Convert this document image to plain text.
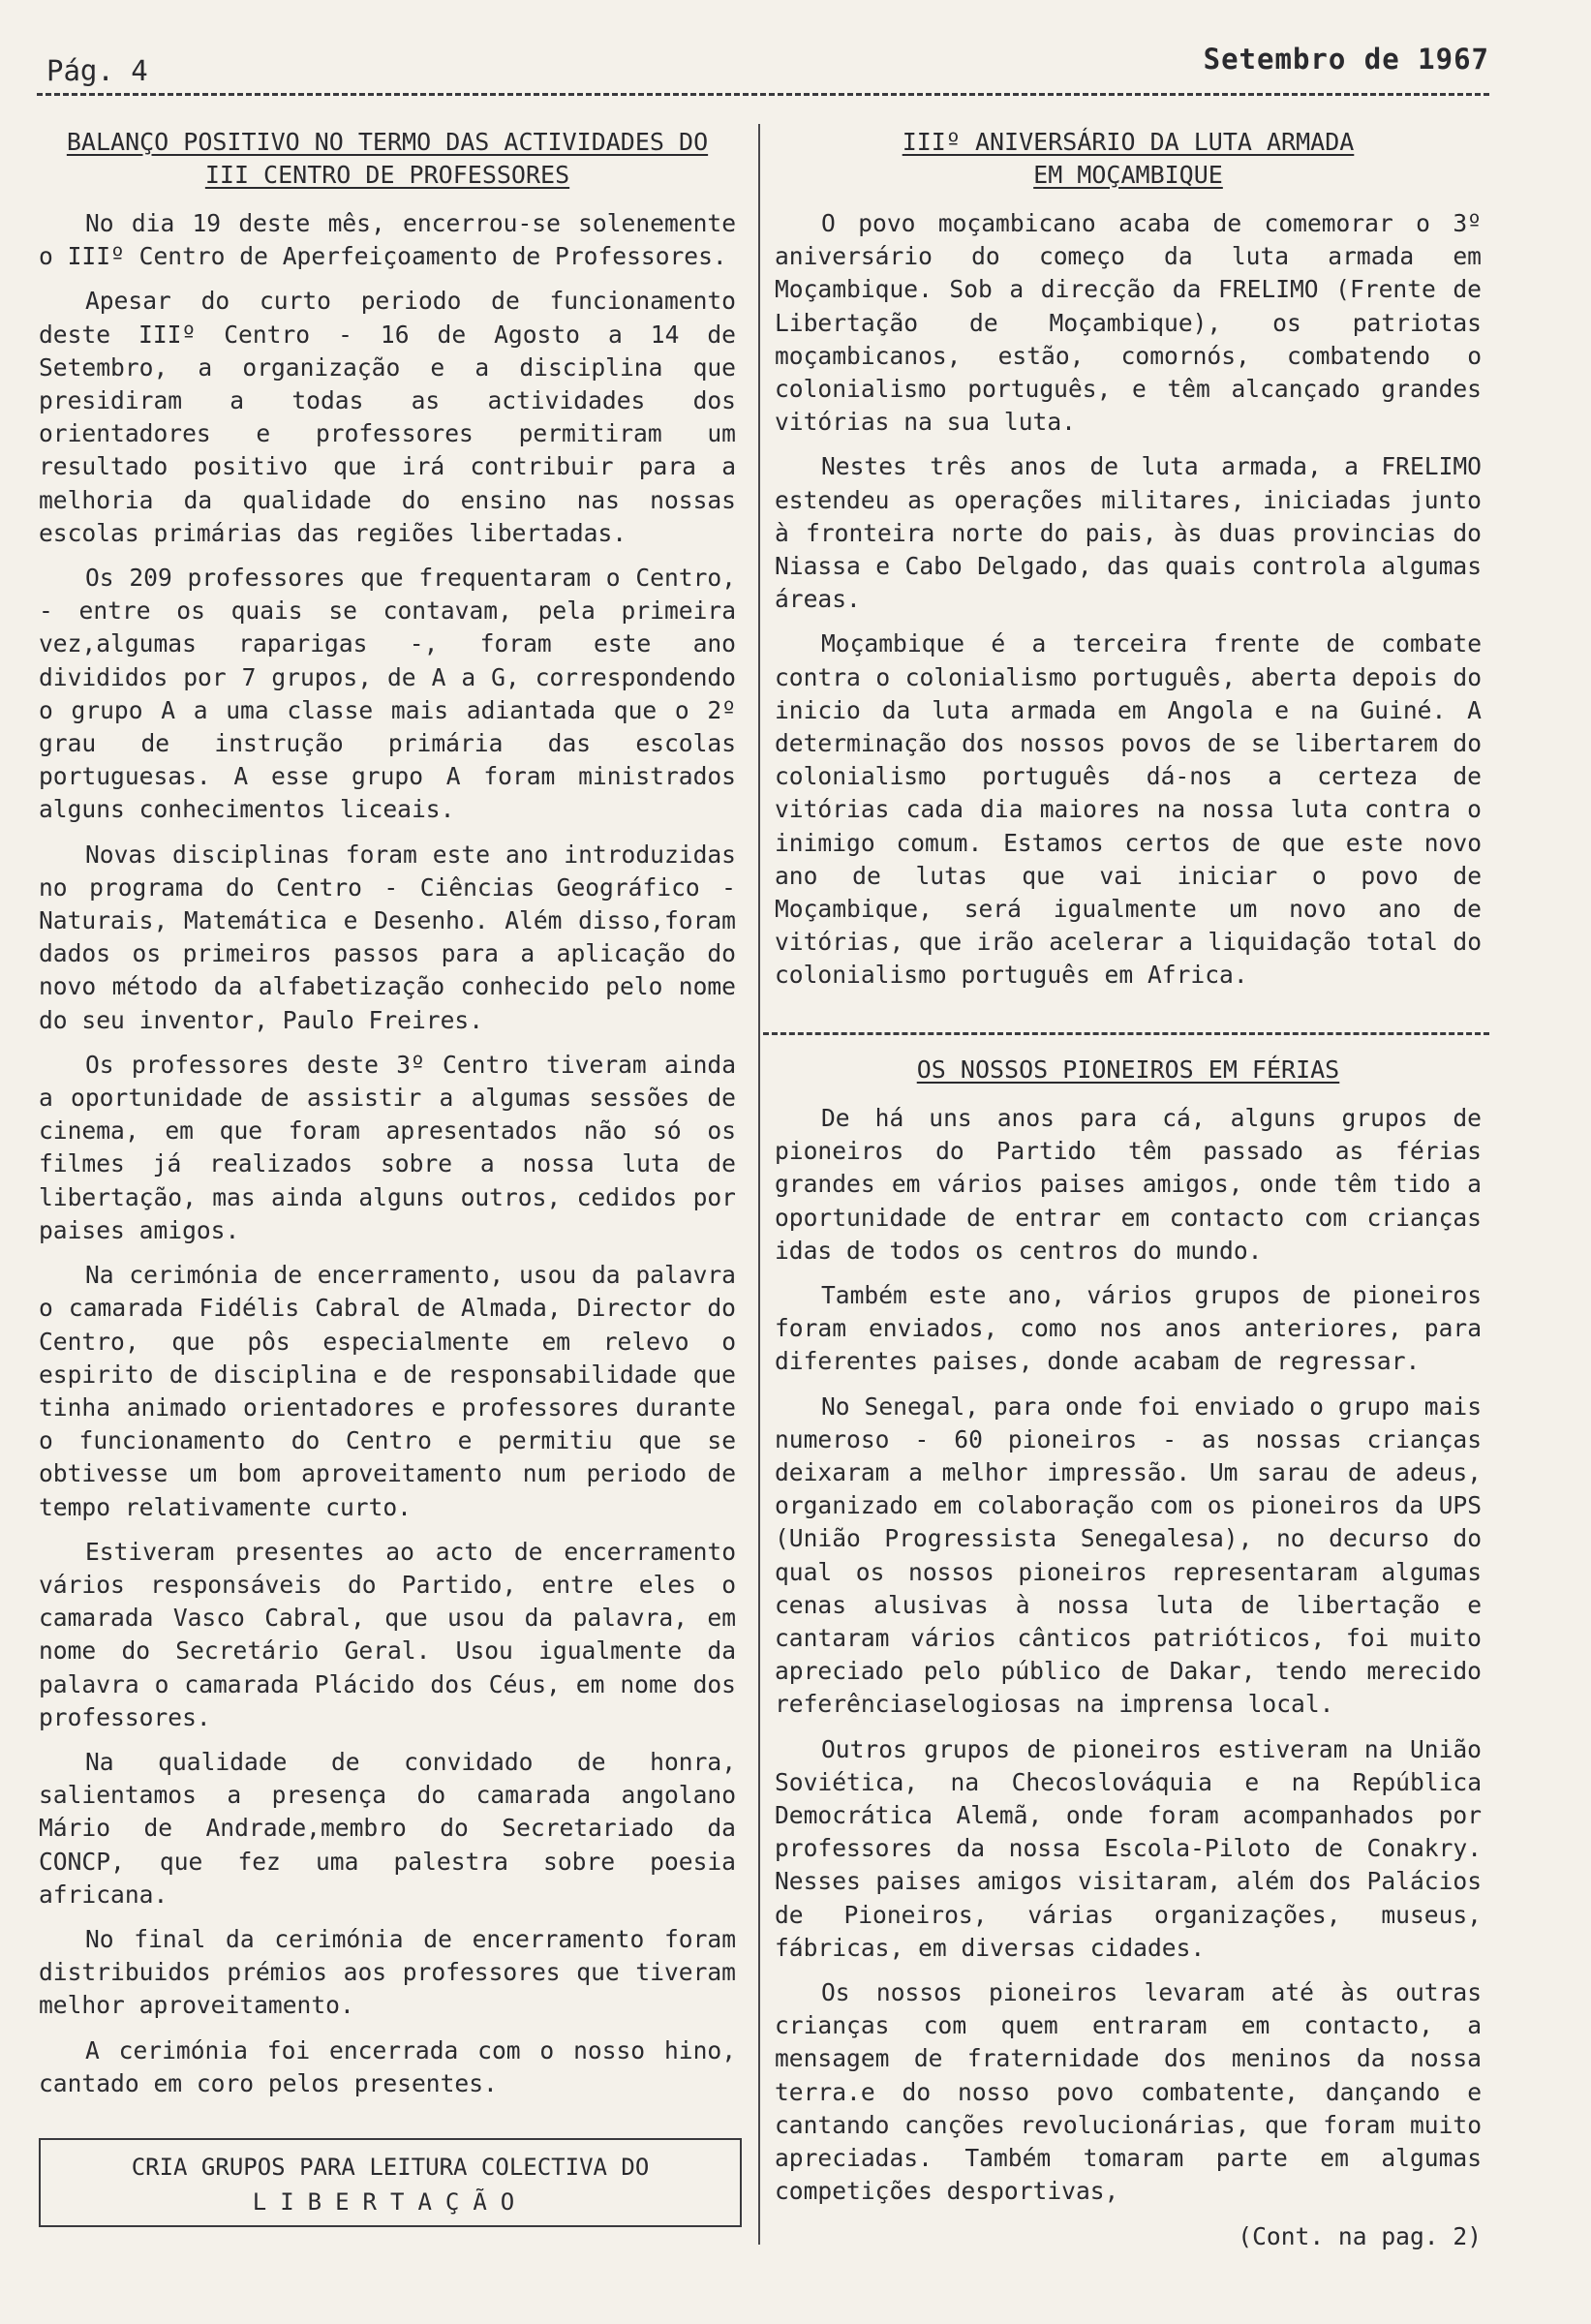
Pág. 4	Setembro de 1967
BALANÇO POSITIVO NO TERMO DAS ACTIVIDADES DO
III CENTRO DE PROFESSORES

No dia 19 deste mês, encerrou-se solenemente o IIIº Centro de Aperfeiçoamento de Professores.

Apesar do curto periodo de funcionamento deste IIIº Centro - 16 de Agosto a 14 de Setembro, a organização e a disciplina que presidiram a todas as actividades dos orientadores e professores permitiram um resultado positivo que irá contribuir para a melhoria da qualidade do ensino nas nossas escolas primárias das regiões libertadas.

Os 209 professores que frequentaram o Centro, - entre os quais se contavam, pela primeira vez,algumas raparigas -, foram este ano divididos por 7 grupos, de A a G, correspondendo o grupo A a uma classe mais adiantada que o 2º grau de instrução primária das escolas portuguesas. A esse grupo A foram ministrados alguns conhecimentos liceais.

Novas disciplinas foram este ano introduzidas no programa do Centro - Ciências Geográfico - Naturais, Matemática e Desenho. Além disso,foram dados os primeiros passos para a aplicação do novo método da alfabetização conhecido pelo nome do seu inventor, Paulo Freires.

Os professores deste 3º Centro tiveram ainda a oportunidade de assistir a algumas sessões de cinema, em que foram apresentados não só os filmes já realizados sobre a nossa luta de libertação, mas ainda alguns outros, cedidos por paises amigos.

Na cerimónia de encerramento, usou da palavra o camarada Fidélis Cabral de Almada, Director do Centro, que pôs especialmente em relevo o espirito de disciplina e de responsabilidade que tinha animado orientadores e professores durante o funcionamento do Centro e permitiu que se obtivesse um bom aproveitamento num periodo de tempo relativamente curto.

Estiveram presentes ao acto de encerramento vários responsáveis do Partido, entre eles o camarada Vasco Cabral, que usou da palavra, em nome do Secretário Geral. Usou igualmente da palavra o camarada Plácido dos Céus, em nome dos professores.

Na qualidade de convidado de honra, salientamos a presença do camarada angolano Mário de Andrade,membro do Secretariado da CONCP, que fez uma palestra sobre poesia africana.

No final da cerimónia de encerramento foram distribuidos prémios aos professores que tiveram melhor aproveitamento.

A cerimónia foi encerrada com o nosso hino, cantado em coro pelos presentes.

CRIA GRUPOS PARA LEITURA COLECTIVA DO
LIBERTAÇÃO
IIIº ANIVERSÁRIO DA LUTA ARMADA
EM MOÇAMBIQUE

O povo moçambicano acaba de comemorar o 3º aniversário do começo da luta armada em Moçambique. Sob a direcção da FRELIMO (Frente de Libertação de Moçambique), os patriotas moçambicanos, estão, comornós, combatendo o colonialismo português, e têm alcançado grandes vitórias na sua luta.

Nestes três anos de luta armada, a FRELIMO estendeu as operações militares, iniciadas junto à fronteira norte do pais, às duas provincias do Niassa e Cabo Delgado, das quais controla algumas áreas.

Moçambique é a terceira frente de combate contra o colonialismo português, aberta depois do inicio da luta armada em Angola e na Guiné. A determinação dos nossos povos de se libertarem do colonialismo português dá-nos a certeza de vitórias cada dia maiores na nossa luta contra o inimigo comum. Estamos certos de que este novo ano de lutas que vai iniciar o povo de Moçambique, será igualmente um novo ano de vitórias, que irão acelerar a liquidação total do colonialismo português em Africa.

OS NOSSOS PIONEIROS EM FÉRIAS

De há uns anos para cá, alguns grupos de pioneiros do Partido têm passado as férias grandes em vários paises amigos, onde têm tido a oportunidade de entrar em contacto com crianças idas de todos os centros do mundo.

Também este ano, vários grupos de pioneiros foram enviados, como nos anos anteriores, para diferentes paises, donde acabam de regressar.

No Senegal, para onde foi enviado o grupo mais numeroso - 60 pioneiros - as nossas crianças deixaram a melhor impressão. Um sarau de adeus, organizado em colaboração com os pioneiros da UPS (União Progressista Senegalesa), no decurso do qual os nossos pioneiros representaram algumas cenas alusivas à nossa luta de libertação e cantaram vários cânticos patrióticos, foi muito apreciado pelo público de Dakar, tendo merecido referênciaselogiosas na imprensa local.

Outros grupos de pioneiros estiveram na União Soviética, na Checoslováquia e na República Democrática Alemã, onde foram acompanhados por professores da nossa Escola-Piloto de Conakry. Nesses paises amigos visitaram, além dos Palácios de Pioneiros, várias organizações, museus, fábricas, em diversas cidades.

Os nossos pioneiros levaram até às outras crianças com quem entraram em contacto, a mensagem de fraternidade dos meninos da nossa terra.e do nosso povo combatente, dançando e cantando canções revolucionárias, que foram muito apreciadas. Também tomaram parte em algumas competições desportivas,

(Cont. na pag. 2)
